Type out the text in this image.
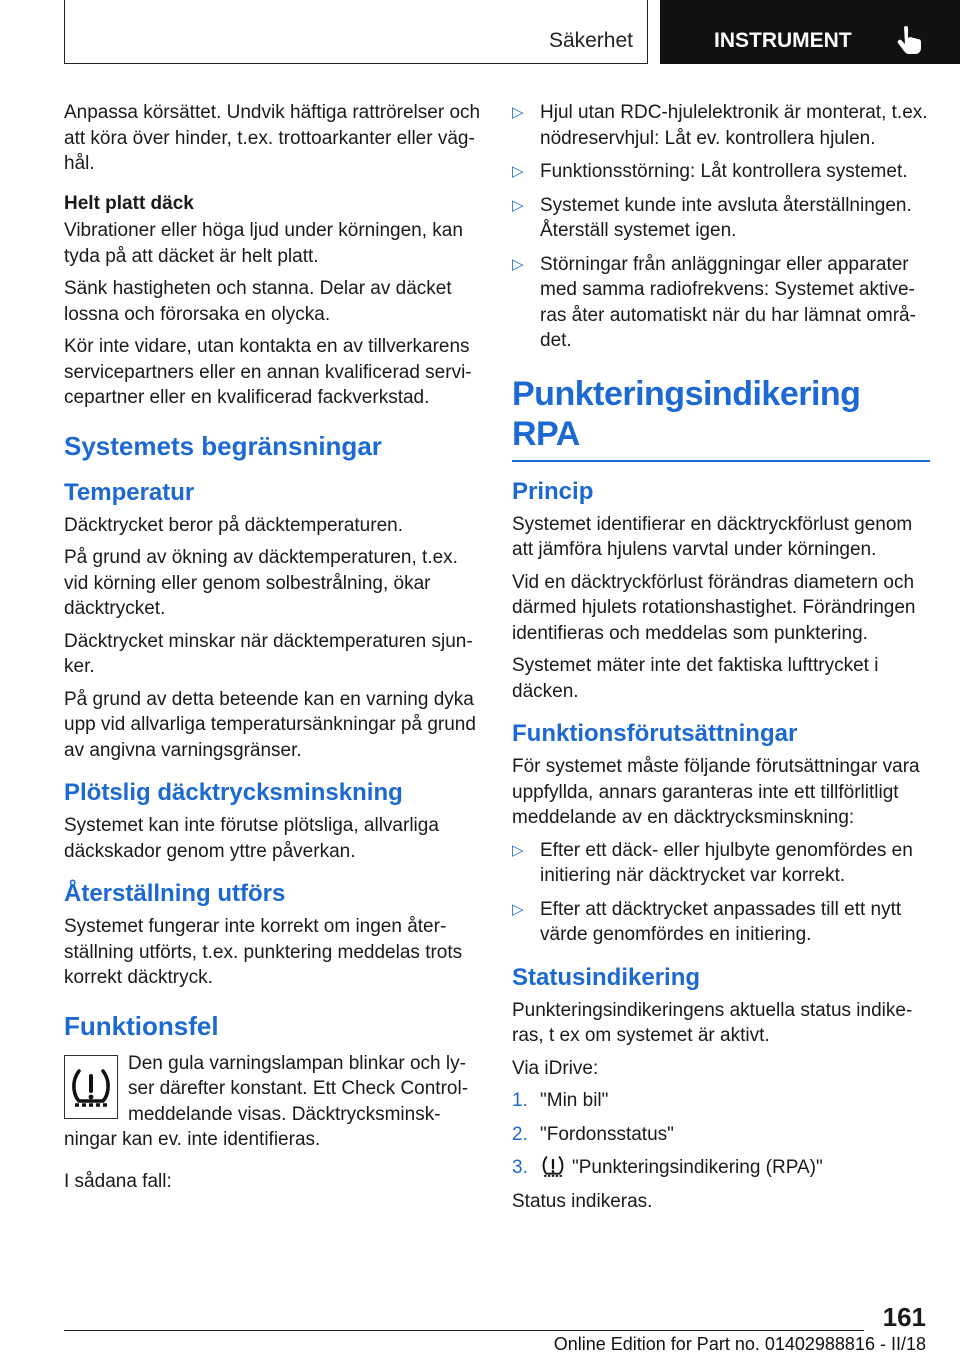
Säkerhet	INSTRUMENT

Anpassa körsättet. Undvik häftiga rattrörelser och att köra över hinder, t.ex. trottoarkanter eller väg-hål.

Helt platt däck

Vibrationer eller höga ljud under körningen, kan tyda på att däcket är helt platt.

Sänk hastigheten och stanna. Delar av däcket lossna och förorsaka en olycka.

Kör inte vidare, utan kontakta en av tillverkarens servicepartners eller en annan kvalificerad servi-cepartner eller en kvalificerad fackverkstad.

Systemets begränsningar
Temperatur

Däcktrycket beror på däcktemperaturen.

På grund av ökning av däcktemperaturen, t.ex. vid körning eller genom solbestrålning, ökar däcktrycket.

Däcktrycket minskar när däcktemperaturen sjun-ker.

På grund av detta beteende kan en varning dyka upp vid allvarliga temperatursänkningar på grund av angivna varningsgränser.

Plötslig däcktrycksminskning

Systemet kan inte förutse plötsliga, allvarliga däckskador genom yttre påverkan.

Återställning utförs

Systemet fungerar inte korrekt om ingen åter-ställning utförts, t.ex. punktering meddelas trots korrekt däcktryck.

Funktionsfel

Den gula varningslampan blinkar och ly-ser därefter konstant. Ett Check Control-meddelande visas. Däcktrycksminsk-ningar kan ev. inte identifieras.

I sådana fall:

▷ Hjul utan RDC-hjulelektronik är monterat, t.ex. nödreservhjul: Låt ev. kontrollera hjulen.
▷ Funktionsstörning: Låt kontrollera systemet.
▷ Systemet kunde inte avsluta återställningen. Återställ systemet igen.
▷ Störningar från anläggningar eller apparater med samma radiofrekvens: Systemet aktive-ras åter automatiskt när du har lämnat områ-det.
Punkteringsindikering RPA
Princip

Systemet identifierar en däcktryckförlust genom att jämföra hjulens varvtal under körningen.

Vid en däcktryckförlust förändras diametern och därmed hjulets rotationshastighet. Förändringen identifieras och meddelas som punktering.

Systemet mäter inte det faktiska lufttrycket i däcken.

Funktionsförutsättningar

För systemet måste följande förutsättningar vara uppfyllda, annars garanteras inte ett tillförlitligt meddelande av en däcktrycksminskning:

▷ Efter ett däck- eller hjulbyte genomfördes en initiering när däcktrycket var korrekt.
▷ Efter att däcktrycket anpassades till ett nytt värde genomfördes en initiering.
Statusindikering

Punkteringsindikeringens aktuella status indike-ras, t ex om systemet är aktivt.

Via iDrive:

1. "Min bil"
2. "Fordonsstatus"
3. "Punkteringsindikering (RPA)"

Status indikeras.

161
Online Edition for Part no. 01402988816 - II/18
